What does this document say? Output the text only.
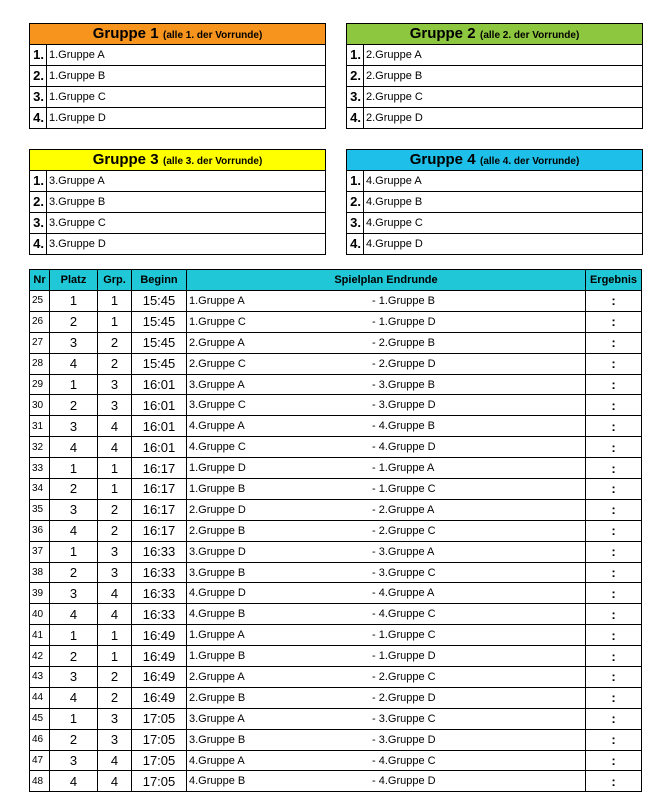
Gruppe 1 (alle 1. der Vorrunde)
1. 1.Gruppe A
2. 1.Gruppe B
3. 1.Gruppe C
4. 1.Gruppe D
Gruppe 2 (alle 2. der Vorrunde)
1. 2.Gruppe A
2. 2.Gruppe B
3. 2.Gruppe C
4. 2.Gruppe D
Gruppe 3 (alle 3. der Vorrunde)
1. 3.Gruppe A
2. 3.Gruppe B
3. 3.Gruppe C
4. 3.Gruppe D
Gruppe 4 (alle 4. der Vorrunde)
1. 4.Gruppe A
2. 4.Gruppe B
3. 4.Gruppe C
4. 4.Gruppe D
Nr	Platz	Grp.	Beginn	Spielplan Endrunde	Ergebnis
25	1	1	15:45	1.Gruppe A - 1.Gruppe B	:
26	2	1	15:45	1.Gruppe C - 1.Gruppe D	:
27	3	2	15:45	2.Gruppe A - 2.Gruppe B	:
28	4	2	15:45	2.Gruppe C - 2.Gruppe D	:
29	1	3	16:01	3.Gruppe A - 3.Gruppe B	:
30	2	3	16:01	3.Gruppe C - 3.Gruppe D	:
31	3	4	16:01	4.Gruppe A - 4.Gruppe B	:
32	4	4	16:01	4.Gruppe C - 4.Gruppe D	:
33	1	1	16:17	1.Gruppe D - 1.Gruppe A	:
34	2	1	16:17	1.Gruppe B - 1.Gruppe C	:
35	3	2	16:17	2.Gruppe D - 2.Gruppe A	:
36	4	2	16:17	2.Gruppe B - 2.Gruppe C	:
37	1	3	16:33	3.Gruppe D - 3.Gruppe A	:
38	2	3	16:33	3.Gruppe B - 3.Gruppe C	:
39	3	4	16:33	4.Gruppe D - 4.Gruppe A	:
40	4	4	16:33	4.Gruppe B - 4.Gruppe C	:
41	1	1	16:49	1.Gruppe A - 1.Gruppe C	:
42	2	1	16:49	1.Gruppe B - 1.Gruppe D	:
43	3	2	16:49	2.Gruppe A - 2.Gruppe C	:
44	4	2	16:49	2.Gruppe B - 2.Gruppe D	:
45	1	3	17:05	3.Gruppe A - 3.Gruppe C	:
46	2	3	17:05	3.Gruppe B - 3.Gruppe D	:
47	3	4	17:05	4.Gruppe A - 4.Gruppe C	:
48	4	4	17:05	4.Gruppe B - 4.Gruppe D	:
